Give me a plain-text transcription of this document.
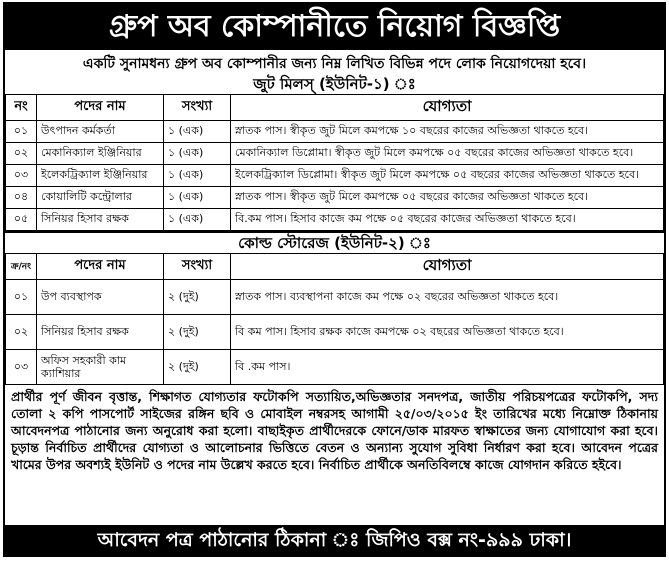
গ্রুপ অব কোম্পানীতে নিয়োগ বিজ্ঞপ্তি
একটি সুনামধন্য গ্রুপ অব কোম্পানীর জন্য নিম্ন লিখিত বিভিন্ন পদে লোক নিয়োগদেয়া হবে।
জুট মিলস্‌ (ইউনিট-১) ঃ
নং	পদের নাম	সংখ্যা	যোগ্যতা
০১	উৎপাদন কর্মকর্তা	১ (এক)	স্নাতক পাস। স্বীকৃত জুট মিলে কমপক্ষে ১০ বছরের কাজের অভিজ্ঞতা থাকতে হবে।
০২	মেকানিক্যাল ইঞ্জিনিয়ার	১ (এক)	মেকানিক্যাল ডিপ্লোমা। স্বীকৃত জুট মিলে কমপক্ষে ০৫ বছরের কাজের অভিজ্ঞতা থাকতে হবে।
০৩	ইলেকট্রিক্যাল ইঞ্জিনিয়ার	১ (এক)	ইলেকট্রিক্যাল ডিপ্লোমা। স্বীকৃত জুট মিলে কমপক্ষে ০৫ বছরের কাজের অভিজ্ঞতা থাকতে হবে।
০৪	কোয়ালিটি কন্ট্রোলার	১ (এক)	স্নাতক পাস। স্বীকৃত জুট মিলে কমপক্ষে ০৫ বছরের কাজের অভিজ্ঞতা থাকতে হবে।
০৫	সিনিয়র হিসাব রক্ষক	১ (এক)	বি.কম পাস। হিসাব কাজে কম পক্ষে ০৫ বছরের কাজের অভিজ্ঞতা থাকতে হবে।
কোল্ড স্টোরেজ (ইউনিট-২) ঃ
ক্র/নং	পদের নাম	সংখ্যা	যোগ্যতা
০১	উপ ব্যবস্থাপক	২ (দুই)	স্নাতক পাস। ব্যবস্থাপনা কাজে কম পক্ষে ০২ বছরের অভিজ্ঞতা থাকতে হবে।
০২	সিনিয়র হিসাব রক্ষক	২ (দুই)	বি কম পাস। হিসাব রক্ষক কাজে কমপক্ষে ০২ বছরের অভিজ্ঞতা থাকতে হবে।
০৩	অফিস সহকারী কাম ক্যাশিয়ার	২ (দুই)	বি .কম পাস।
প্রার্থীর পূর্ণ জীবন বৃত্তান্ত, শিক্ষাগত যোগ্যতার ফটোকপি সত্যায়িত,অভিজ্ঞতার সনদপত্র, জাতীয় পরিচয়পত্রের ফটোকপি, সদ্য তোলা ২ কপি পাসপোর্ট সাইজের রঙ্গিন ছবি ও মোবাইল নম্বরসহ আগামী ২৫/০৩/২০১৫ ইং তারিখের মধ্যে নিম্নোক্ত ঠিকানায় আবেদনপত্র পাঠানোর জন্য অনুরোধ করা হলো। বাছাইকৃত প্রার্থীদেরকে ফোনে/ডাক মারফত স্বাক্ষাতের জন্য যোগাযোগ করা হবে। চূড়ান্ত নির্বাচিত প্রার্থীদের যোগ্যতা ও আলোচনার ভিত্তিতে বেতন ও অন্যান্য সুযোগ সুবিধা নির্ধারণ করা হবে। আবেদন পত্রের খামের উপর অবশ্যই ইউনিট ও পদের নাম উল্লেখ করতে হবে। নির্বাচিত প্রার্থীকে অনতিবিলম্বে কাজে যোগদান করিতে হইবে।
আবেদন পত্র পাঠানোর ঠিকানা ঃ জিপিও বক্স নং-৯৯৯ ঢাকা।
